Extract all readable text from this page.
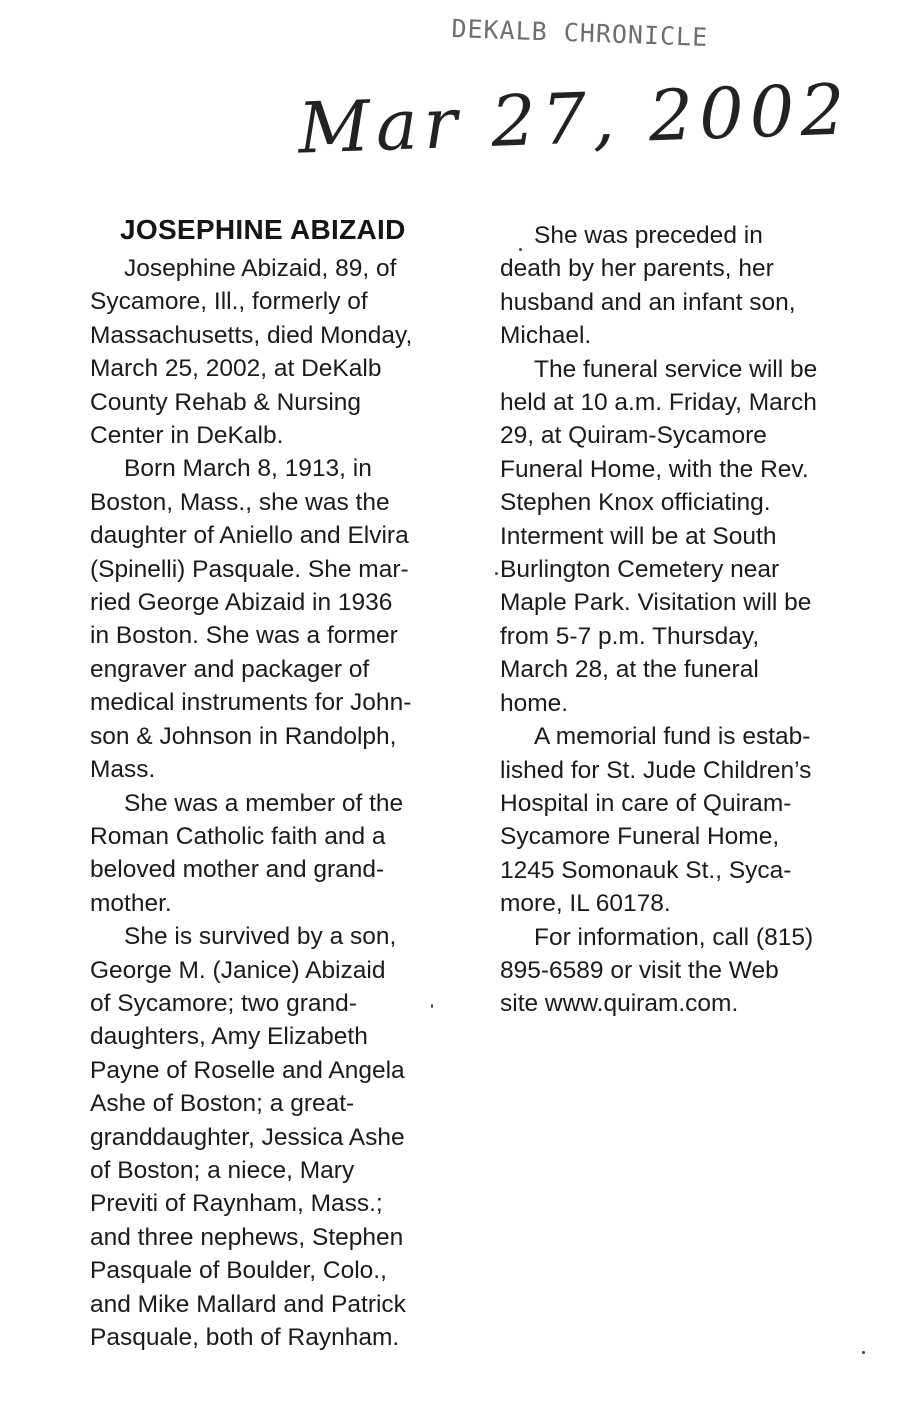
DEKALB CHRONICLE
Mar 27, 2002
JOSEPHINE ABIZAID
Josephine Abizaid, 89, of
Sycamore, Ill., formerly of
Massachusetts, died Monday,
March 25, 2002, at DeKalb
County Rehab & Nursing
Center in DeKalb.
Born March 8, 1913, in
Boston, Mass., she was the
daughter of Aniello and Elvira
(Spinelli) Pasquale. She mar-
ried George Abizaid in 1936
in Boston. She was a former
engraver and packager of
medical instruments for John-
son & Johnson in Randolph,
Mass.
She was a member of the
Roman Catholic faith and a
beloved mother and grand-
mother.
She is survived by a son,
George M. (Janice) Abizaid
of Sycamore; two grand-
daughters, Amy Elizabeth
Payne of Roselle and Angela
Ashe of Boston; a great-
granddaughter, Jessica Ashe
of Boston; a niece, Mary
Previti of Raynham, Mass.;
and three nephews, Stephen
Pasquale of Boulder, Colo.,
and Mike Mallard and Patrick
Pasquale, both of Raynham.
She was preceded in
death by her parents, her
husband and an infant son,
Michael.
The funeral service will be
held at 10 a.m. Friday, March
29, at Quiram-Sycamore
Funeral Home, with the Rev.
Stephen Knox officiating.
Interment will be at South
Burlington Cemetery near
Maple Park. Visitation will be
from 5-7 p.m. Thursday,
March 28, at the funeral
home.
A memorial fund is estab-
lished for St. Jude Children’s
Hospital in care of Quiram-
Sycamore Funeral Home,
1245 Somonauk St., Syca-
more, IL 60178.
For information, call (815)
895-6589 or visit the Web
site www.quiram.com.
